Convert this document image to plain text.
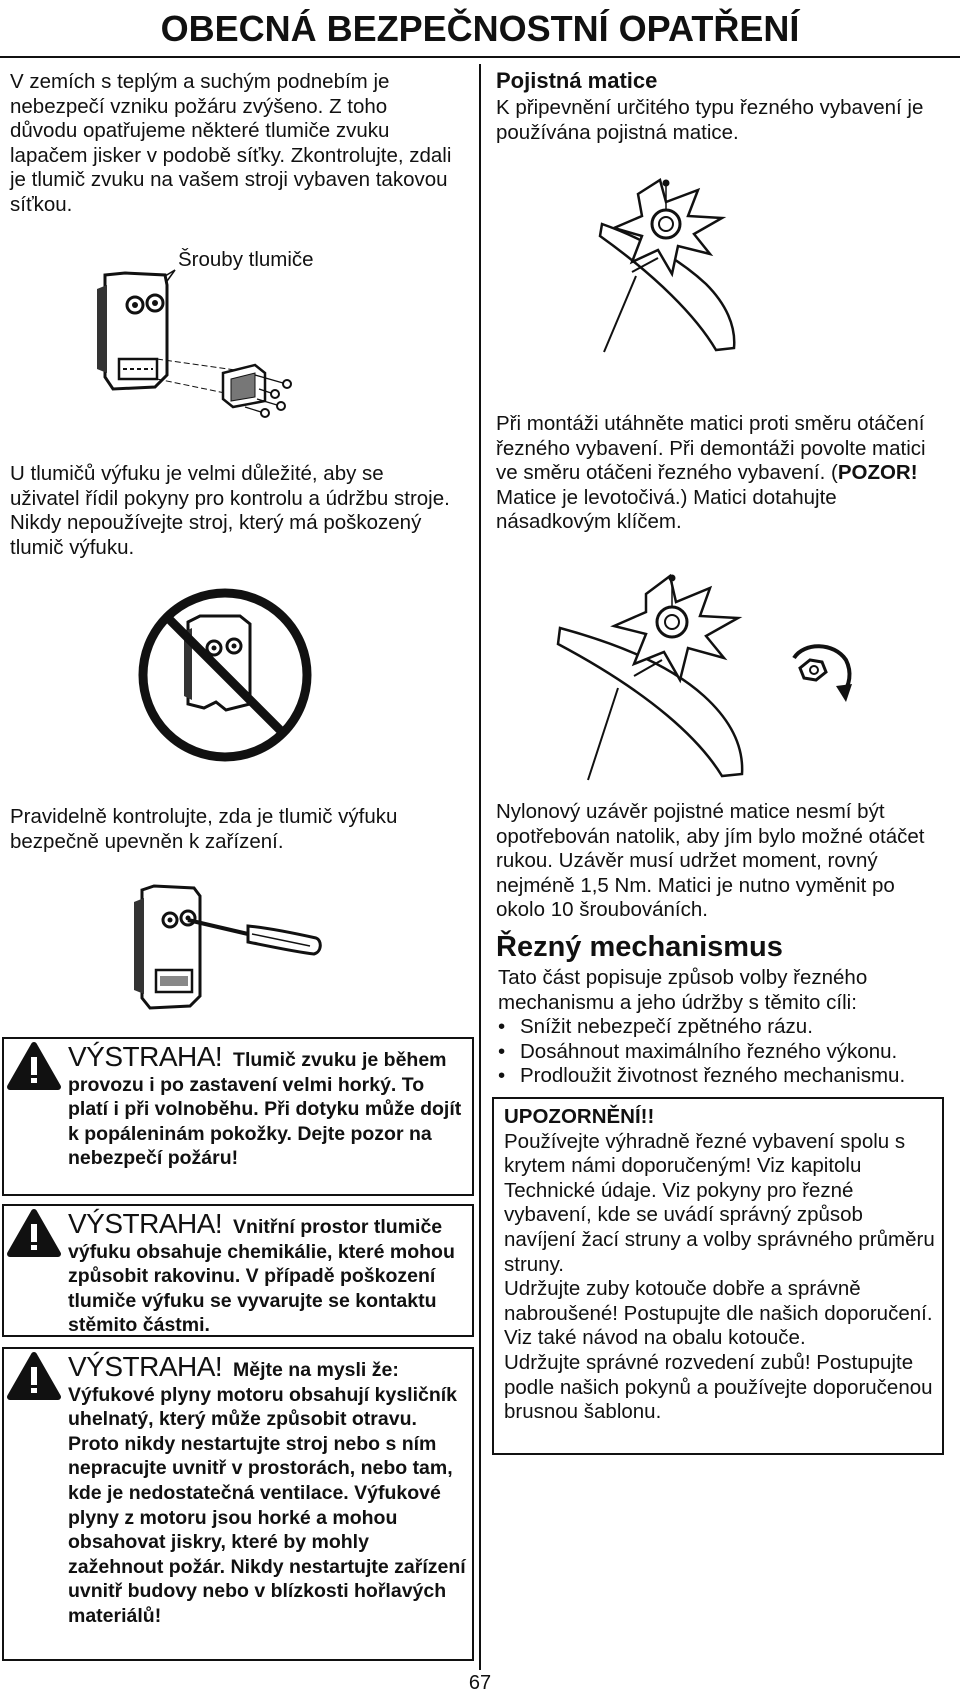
OBECNÁ BEZPEČNOSTNÍ OPATŘENÍ
V zemích s teplým a suchým podnebím je nebezpečí vzniku požáru zvýšeno. Z toho důvodu opatřujeme některé tlumiče zvuku lapačem jisker v podobě síťky. Zkontrolujte, zdali je tlumič zvuku na vašem stroji vybaven takovou síťkou.
Šrouby tlumiče
U tlumičů výfuku je velmi důležité, aby se uživatel řídil pokyny pro kontrolu a údržbu stroje. Nikdy nepoužívejte stroj, který má poškozený tlumič výfuku.
Pravidelně kontrolujte, zda je tlumič výfuku bezpečně upevněn k zařízení.
VÝSTRAHA! Tlumič zvuku je během provozu i po zastavení velmi horký. To platí i při volnoběhu. Při dotyku může dojít k popáleninám pokožky. Dejte pozor na nebezpečí požáru!
VÝSTRAHA! Vnitřní prostor tlumiče výfuku obsahuje chemikálie, které mohou způsobit rakovinu. V případě poškození tlumiče výfuku se vyvarujte se kontaktu stěmito částmi.
VÝSTRAHA! Mějte na mysli že: Výfukové plyny motoru obsahují kysličník uhelnatý, který může způsobit otravu. Proto nikdy nestartujte stroj nebo s ním nepracujte uvnitř v prostorách, nebo tam, kde je nedostatečná ventilace. Výfukové plyny z motoru jsou horké a mohou obsahovat jiskry, které by mohly zažehnout požár. Nikdy nestartujte zařízení uvnitř budovy nebo v blízkosti hořlavých materiálů!
Pojistná matice
K připevnění určitého typu řezného vybavení je používána pojistná matice.
Při montáži utáhněte matici proti směru otáčení řezného vybavení. Při demontáži povolte matici ve směru otáčeni řezného vybavení. (POZOR! Matice je levotočivá.) Matici dotahujte násadkovým klíčem.
Nylonový uzávěr pojistné matice nesmí být opotřebován natolik, aby jím bylo možné otáčet rukou. Uzávěr musí udržet moment, rovný nejméně 1,5 Nm. Matici je nutno vyměnit po okolo 10 šroubováních.
Řezný mechanismus
Tato část popisuje způsob volby řezného mechanismu a jeho údržby s těmito cíli:
• Snížit nebezpečí zpětného rázu.
• Dosáhnout maximálního řezného výkonu.
• Prodloužit životnost řezného mechanismu.
UPOZORNĚNÍ!!
Používejte výhradně řezné vybavení spolu s krytem námi doporučeným! Viz kapitolu Technické údaje. Viz pokyny pro řezné vybavení, kde se uvádí správný způsob navíjení žací struny a volby správného průměru struny.
Udržujte zuby kotouče dobře a správně nabroušené! Postupujte dle našich doporučení. Viz také návod na obalu kotouče.
Udržujte správné rozvedení zubů! Postupujte podle našich pokynů a používejte doporučenou brusnou šablonu.
67
